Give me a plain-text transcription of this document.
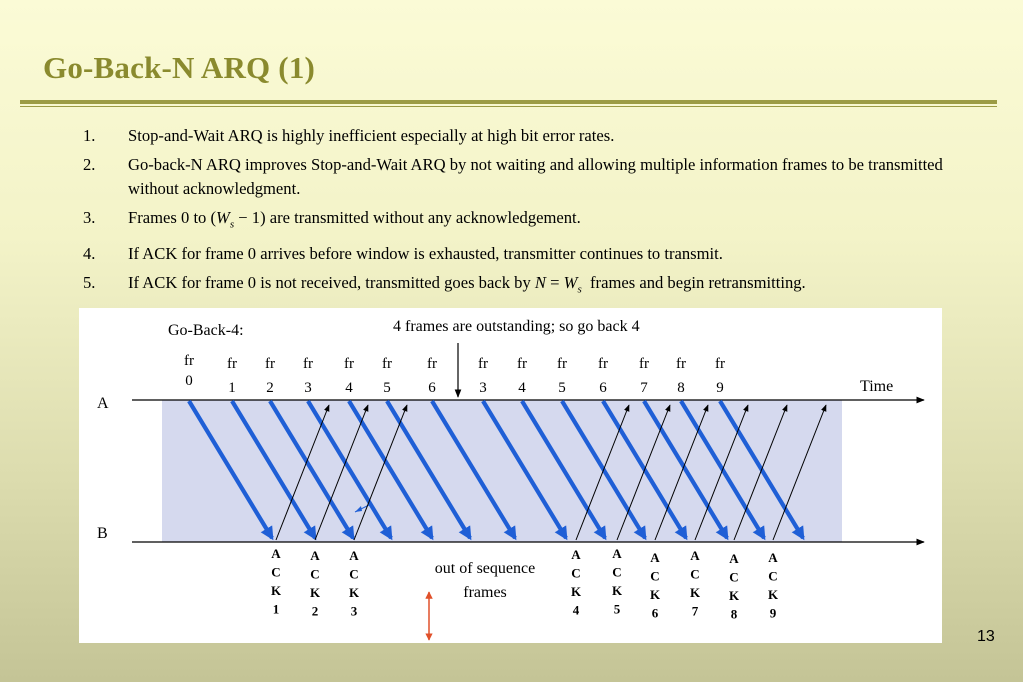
Go-Back-N ARQ (1)
1. Stop-and-Wait ARQ is highly inefficient especially at high bit error rates.
2. Go-back-N ARQ improves Stop-and-Wait ARQ by not waiting and allowing multiple information frames to be transmitted without acknowledgment.
3. Frames 0 to $(W_s - 1)$ are transmitted without any acknowledgement.
4. If ACK for frame 0 arrives before window is exhausted, transmitter continues to transmit.
5. If ACK for frame 0 is not received, transmitted goes back by $N = W_s$  frames and begin retransmitting.
A
B
Time
Go-Back-4:	4 frames are outstanding; so go back 4
out of sequence
frames
fr
0
fr
1
fr
2
fr
3
fr
4
fr
5
fr
6
fr
3
fr
4
fr
5
fr
6
fr
7
fr
8
fr
9
A
C
K
1
A
C
K
2
A
C
K
3
A
C
K
4
A
C
K
5
A
C
K
6
A
C
K
7
A
C
K
8
A
C
K
9
13
